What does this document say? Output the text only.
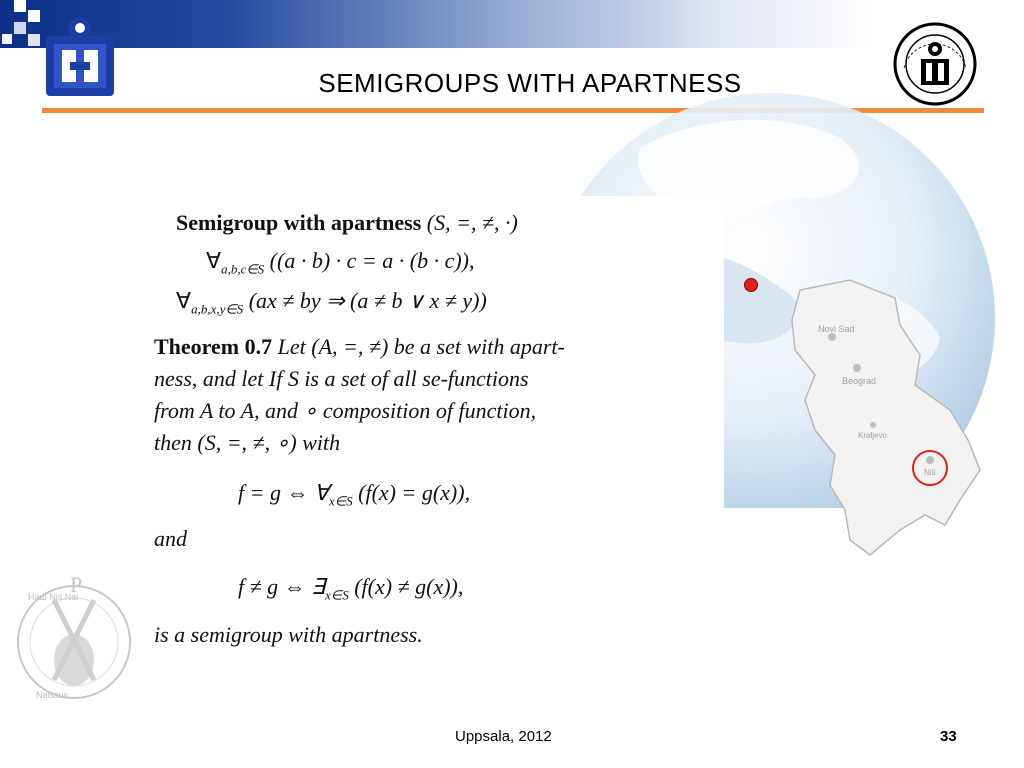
SEMIGROUPS WITH APARTNESS
Novi Sad
Beograd
Kraljevo
Niš
Semigroup with apartness (S, =, ≠, ·)
$\forall_{a,b,c\in S}$ ((a · b) · c = a · (b · c)),
$\forall_{a,b,x,y\in S}$ (ax ≠ by ⇒ (a ≠ b ∨ x ≠ y))
Theorem 0.7 Let (A, =, ≠) be a set with apart-
ness, and let If S is a set of all se-functions
from A to A, and ∘ composition of function,
then (S, =, ≠, ∘) with
f = g ⇔ $\forall_{x\in S}$ (f(x) = g(x)),
and
f ≠ g ⇔ $\exists_{x\in S}$ (f(x) ≠ g(x)),
is a semigroup with apartness.
P
Наш Niš Nai
Naissus
Uppsala, 2012	33
